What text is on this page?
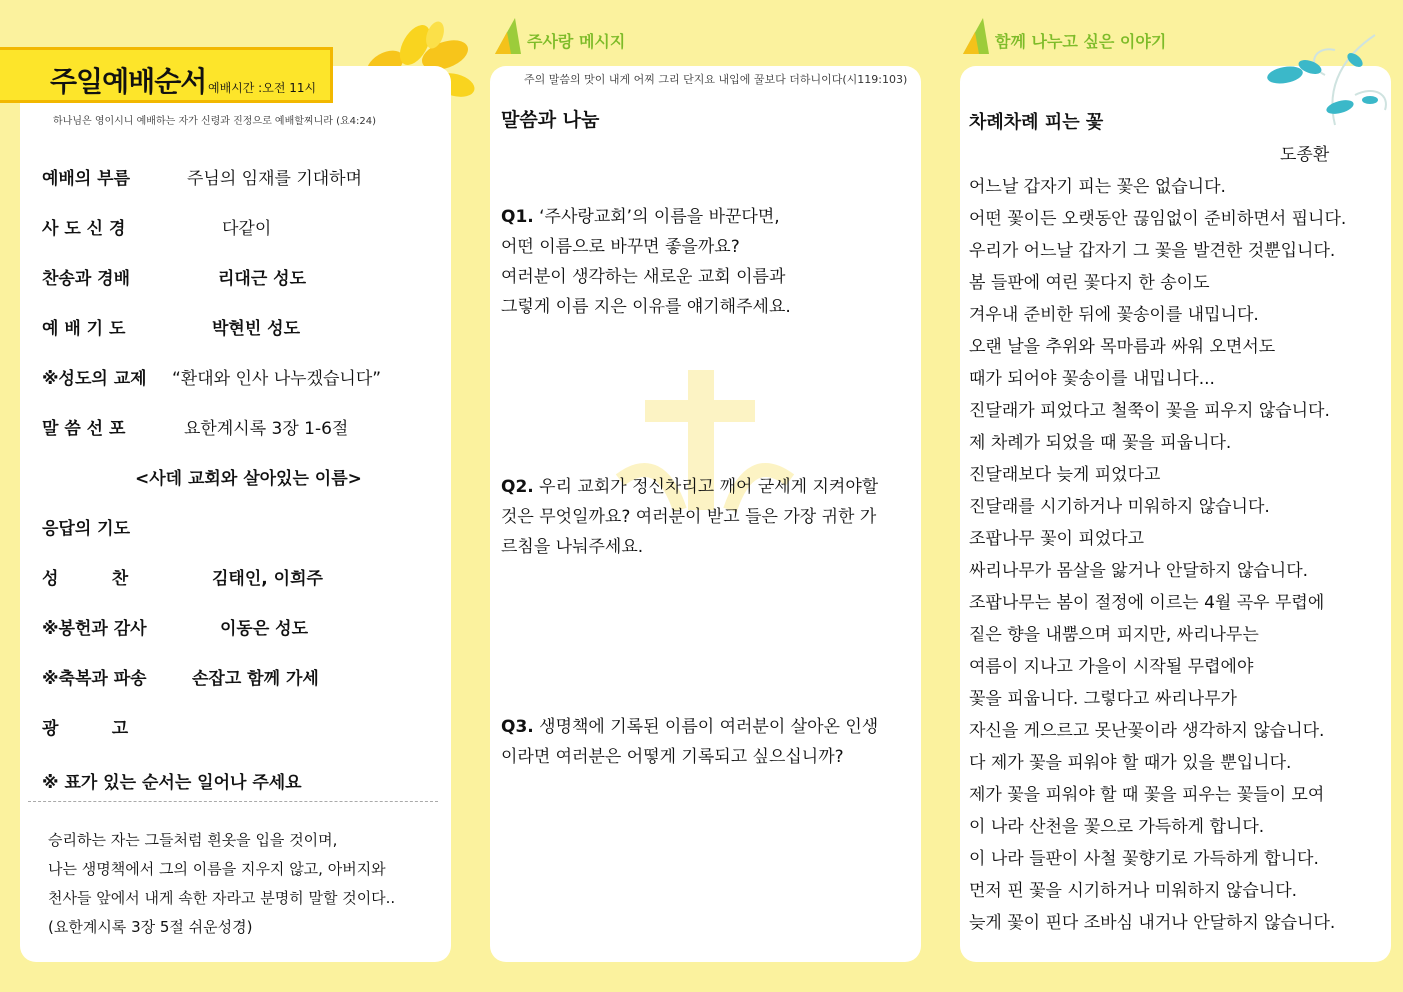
주일예배순서 예배시간 :오전 11시
하나님은 영이시니 예배하는 자가 신령과 진정으로 예배할찌니라 (요4:24)
예배의 부름	주님의 임재를 기대하며
사 도 신 경	다같이
찬송과 경배	리대근 성도
예 배 기 도	박현빈 성도
※성도의 교제 “환대와 인사 나누겠습니다”
말 씀 선 포	요한계시록 3장 1-6절
<사데 교회와 살아있는 이름>
응답의 기도
성         찬	김태인, 이희주
※봉헌과 감사	이동은 성도
※축복과 파송	손잡고 함께 가세
광         고
※ 표가 있는 순서는 일어나 주세요
승리하는 자는 그들처럼 흰옷을 입을 것이며,
나는 생명책에서 그의 이름을 지우지 않고, 아버지와
천사들 앞에서 내게 속한 자라고 분명히 말할 것이다..
(요한계시록 3장 5절 쉬운성경)
주사랑 메시지
주의 말씀의 맛이 내게 어찌 그리 단지요 내입에 꿀보다 더하니이다(시119:103)
말씀과 나눔
Q1. ‘주사랑교회’의 이름을 바꾼다면,
어떤 이름으로 바꾸면 좋을까요?
여러분이 생각하는 새로운 교회 이름과
그렇게 이름 지은 이유를 얘기해주세요.
Q2. 우리 교회가 정신차리고 깨어 굳세게 지켜야할
것은 무엇일까요? 여러분이 받고 들은 가장 귀한 가
르침을 나눠주세요.
Q3. 생명책에 기록된 이름이 여러분이 살아온 인생
이라면 여러분은 어떻게 기록되고 싶으십니까?
함께 나누고 싶은 이야기
차례차례 피는 꽃
도종환
어느날 갑자기 피는 꽃은 없습니다.
어떤 꽃이든 오랫동안 끊임없이 준비하면서 핍니다.
우리가 어느날 갑자기 그 꽃을 발견한 것뿐입니다.
봄 들판에 여린 꽃다지 한 송이도
겨우내 준비한 뒤에 꽃송이를 내밉니다.
오랜 날을 추위와 목마름과 싸워 오면서도
때가 되어야 꽃송이를 내밉니다...
진달래가 피었다고 철쭉이 꽃을 피우지 않습니다.
제 차례가 되었을 때 꽃을 피웁니다.
진달래보다 늦게 피었다고
진달래를 시기하거나 미워하지 않습니다.
조팝나무 꽃이 피었다고
싸리나무가 몸살을 앓거나 안달하지 않습니다.
조팝나무는 봄이 절정에 이르는 4월 곡우 무렵에
짙은 향을 내뿜으며 피지만, 싸리나무는
여름이 지나고 가을이 시작될 무렵에야
꽃을 피웁니다. 그렇다고 싸리나무가
자신을 게으르고 못난꽃이라 생각하지 않습니다.
다 제가 꽃을 피워야 할 때가 있을 뿐입니다.
제가 꽃을 피워야 할 때 꽃을 피우는 꽃들이 모여
이 나라 산천을 꽃으로 가득하게 합니다.
이 나라 들판이 사철 꽃향기로 가득하게 합니다.
먼저 핀 꽃을 시기하거나 미워하지 않습니다.
늦게 꽃이 핀다 조바심 내거나 안달하지 않습니다.
